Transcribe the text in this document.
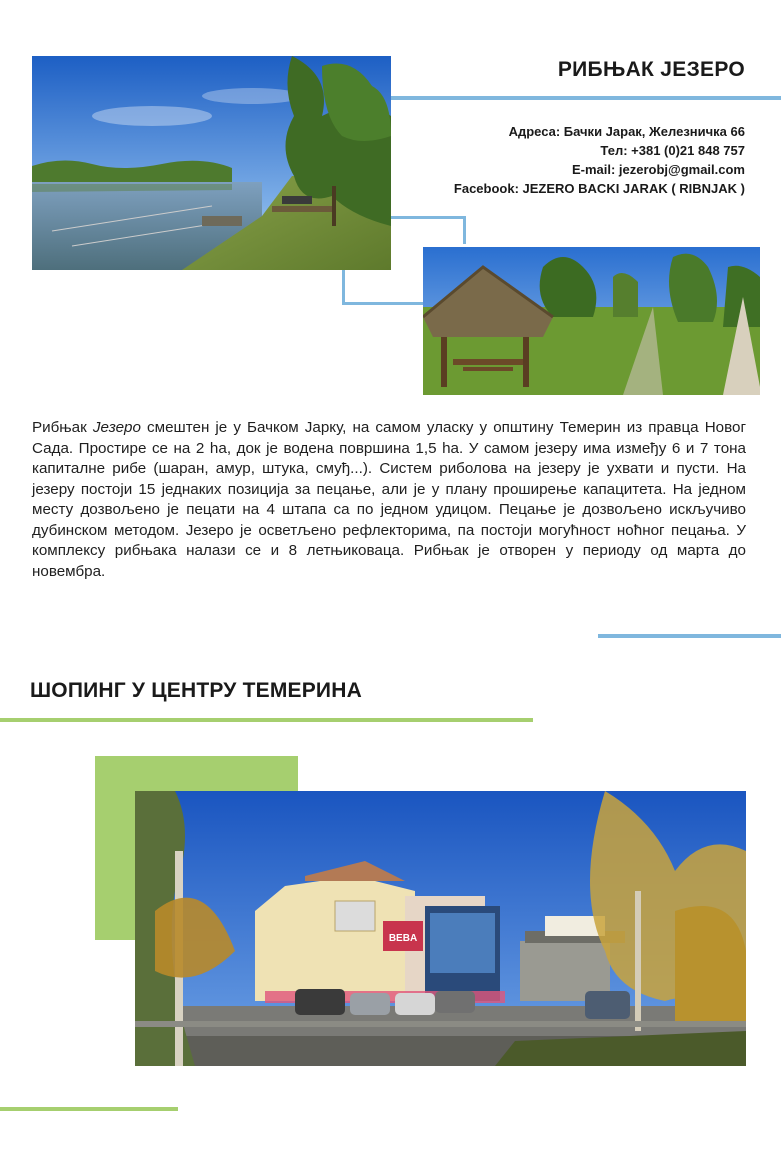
РИБЊАК ЈЕЗЕРО
Адреса: Бачки Јарак, Железничка 66
Тел: +381 (0)21 848 757
E-mail: jezerobj@gmail.com
Facebook: JEZERO BACKI JARAK ( RIBNJAK )
Рибњак Језеро смештен је у Бачком Јарку, на самом уласку у општину Темерин из правца Новог Сада. Простире се на 2 ha, док је водена површина 1,5 ha. У самом језеру има између 6 и 7 тона капиталне рибе (шаран, амур, штука, смуђ...). Систем риболова на језеру је ухвати и пусти. На језеру постоји 15 једнаких позиција за пецање, али је у плану проширење капацитета. На једном месту дозвољено је пецати на 4 штапа са по једном удицом. Пецање је дозвољено искључиво дубинском методом. Језеро је осветљено рефлекторима, па постоји могућност ноћног пецања. У комплексу рибњака налази се и 8 летњиковаца. Рибњак је отворен у периоду од марта до новембра.
ШОПИНГ У ЦЕНТРУ ТЕМЕРИНА
BEBA
